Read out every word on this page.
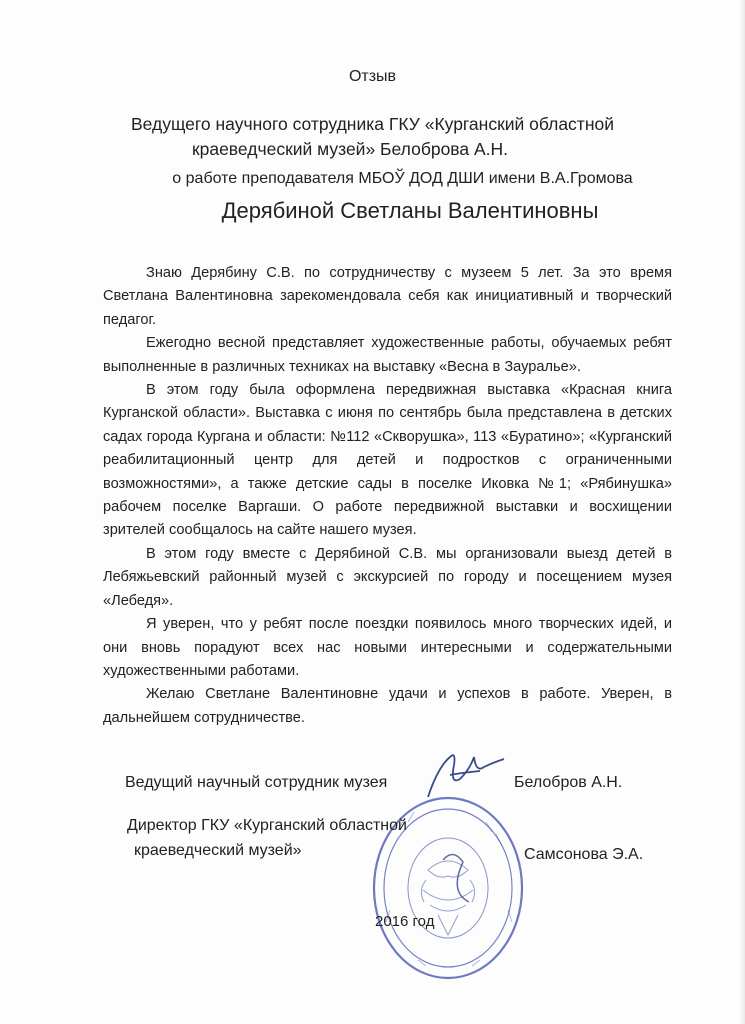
Отзыв
Ведущего научного сотрудника ГКУ «Курганский областной
краеведческий музей» Белоброва А.Н.
о работе преподавателя МБОЎ ДОД ДШИ имени В.А.Громова
Дерябиной Светланы Валентиновны

Знаю Дерябину С.В. по сотрудничеству с музеем 5 лет. За это время Светлана Валентиновна зарекомендовала себя как инициативный и творческий педагог.

Ежегодно весной представляет художественные работы, обучаемых ребят выполненные в различных техниках на выставку «Весна в Зауралье».

В этом году была оформлена передвижная выставка «Красная книга Курганской области». Выставка с июня по сентябрь была представлена в детских садах города Кургана и области: №112 «Скворушка», 113 «Буратино»; «Курганский реабилитационный центр для детей и подростков с ограниченными возможностями», а также детские сады в поселке Иковка №1; «Рябинушка» рабочем поселке Варгаши. О работе передвижной выставки и восхищении зрителей сообщалось на сайте нашего музея.

В этом году вместе с Дерябиной С.В. мы организовали выезд детей в Лебяжьевский районный музей с экскурсией по городу и посещением музея «Лебедя».

Я уверен, что у ребят после поездки появилось много творческих идей, и они вновь порадуют всех нас новыми интересными и содержательными художественными работами.

Желаю Светлане Валентиновне удачи и успехов в работе. Уверен, в дальнейшем сотрудничестве.

Ведущий научный сотрудник музея	Белобров А.Н.
Директор ГКУ «Курганский областной
краеведческий музей»	Самсонова Э.А.
2016 год
